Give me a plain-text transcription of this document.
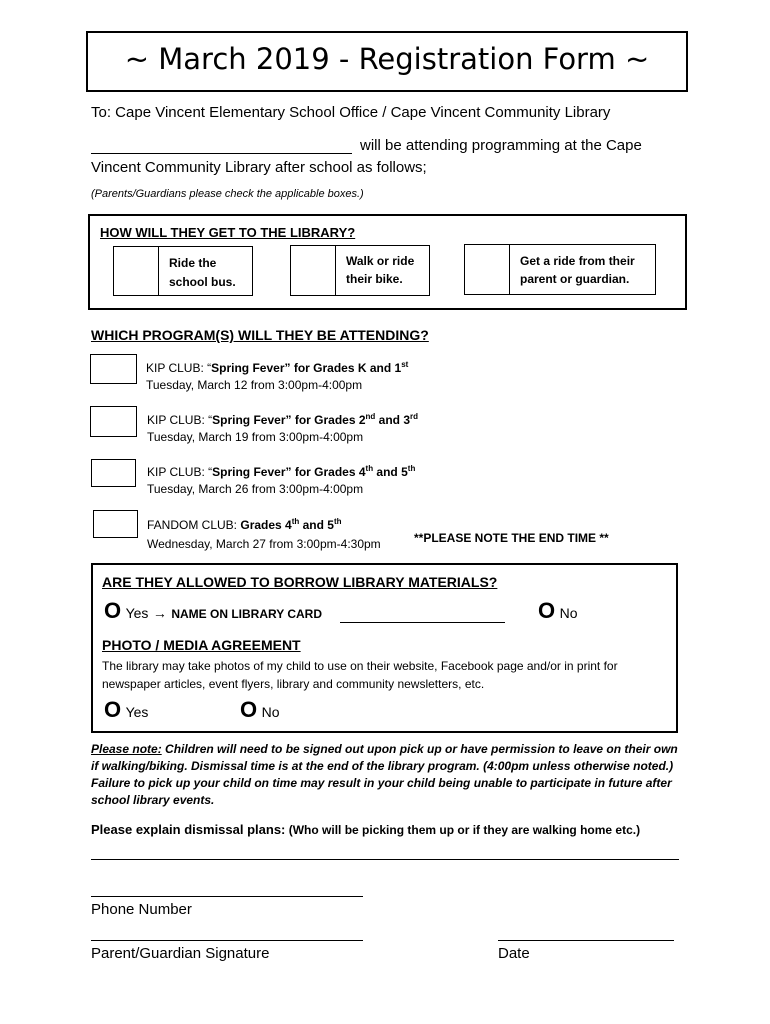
~ March 2019 - Registration Form ~
To: Cape Vincent Elementary School Office / Cape Vincent Community Library
will be attending programming at the Cape
Vincent Community Library after school as follows;
(Parents/Guardians please check the applicable boxes.)
HOW WILL THEY GET TO THE LIBRARY?
Ride the
school bus.
Walk or ride
their bike.
Get a ride from their
parent or guardian.
WHICH PROGRAM(S) WILL THEY BE ATTENDING?
KIP CLUB: “Spring Fever” for Grades K and 1st
Tuesday, March 12 from 3:00pm-4:00pm
KIP CLUB: “Spring Fever” for Grades 2nd and 3rd
Tuesday, March 19 from 3:00pm-4:00pm
KIP CLUB: “Spring Fever” for Grades 4th and 5th
Tuesday, March 26 from 3:00pm-4:00pm
FANDOM CLUB: Grades 4th and 5th
Wednesday, March 27 from 3:00pm-4:30pm	**PLEASE NOTE THE END TIME **
ARE THEY ALLOWED TO BORROW LIBRARY MATERIALS?
O Yes → NAME ON LIBRARY CARD	O No
PHOTO / MEDIA AGREEMENT
The library may take photos of my child to use on their website, Facebook page and/or in print for
newspaper articles, event flyers, library and community newsletters, etc.
O Yes	O No
Please note: Children will need to be signed out upon pick up or have permission to leave on their own
if walking/biking. Dismissal time is at the end of the library program. (4:00pm unless otherwise noted.)
Failure to pick up your child on time may result in your child being unable to participate in future after
school library events.
Please explain dismissal plans: (Who will be picking them up or if they are walking home etc.)
Phone Number
Parent/Guardian Signature	Date
